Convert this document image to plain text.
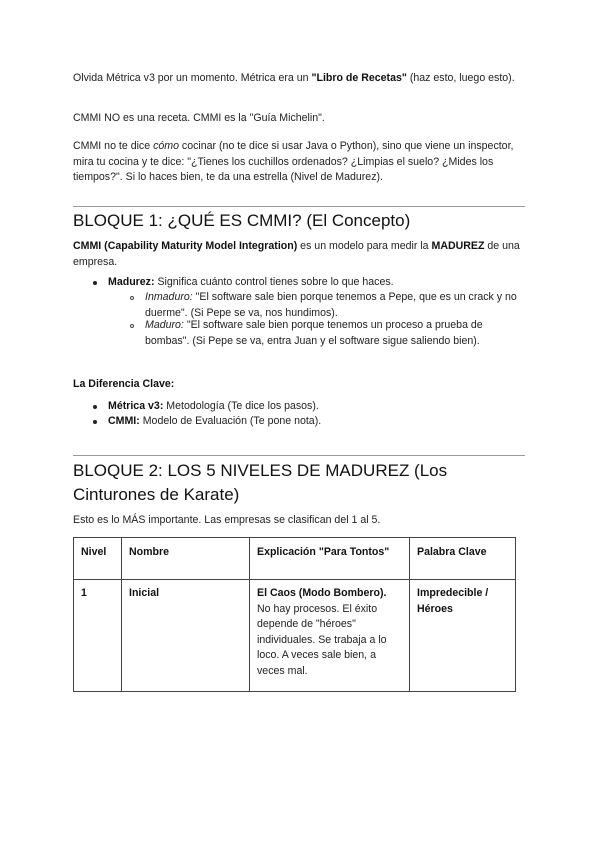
Olvida Métrica v3 por un momento. Métrica era un "Libro de Recetas" (haz esto, luego esto).

CMMI NO es una receta. CMMI es la "Guía Michelin".

CMMI no te dice cómo cocinar (no te dice si usar Java o Python), sino que viene un inspector, mira tu cocina y te dice: "¿Tienes los cuchillos ordenados? ¿Limpias el suelo? ¿Mides los tiempos?". Si lo haces bien, te da una estrella (Nivel de Madurez).

BLOQUE 1: ¿QUÉ ES CMMI? (El Concepto)

CMMI (Capability Maturity Model Integration) es un modelo para medir la MADUREZ de una empresa.

Madurez: Significa cuánto control tienes sobre lo que haces.
Inmaduro: "El software sale bien porque tenemos a Pepe, que es un crack y no duerme". (Si Pepe se va, nos hundimos).
Maduro: "El software sale bien porque tenemos un proceso a prueba de bombas". (Si Pepe se va, entra Juan y el software sigue saliendo bien).

La Diferencia Clave:

Métrica v3: Metodología (Te dice los pasos).
CMMI: Modelo de Evaluación (Te pone nota).
BLOQUE 2: LOS 5 NIVELES DE MADUREZ (Los Cinturones de Karate)

Esto es lo MÁS importante. Las empresas se clasifican del 1 al 5.

Nivel	Nombre	Explicación "Para Tontos"	Palabra Clave
1	Inicial	El Caos (Modo Bombero). No hay procesos. El éxito depende de "héroes" individuales. Se trabaja a lo loco. A veces sale bien, a veces mal.	Impredecible / Héroes
